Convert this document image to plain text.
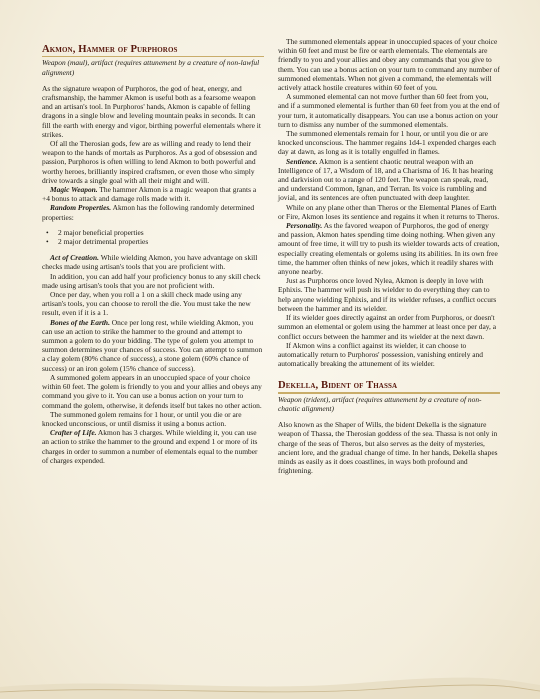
Akmon, Hammer of Purphoros

Weapon (maul), artifact (requires attunement by a creature of non-lawful alignment)

As the signature weapon of Purphoros, the god of heat, energy, and craftsmanship, the hammer Akmon is useful both as a fearsome weapon and an artisan's tool. In Purphoros' hands, Akmon is capable of felling dragons in a single blow and leveling mountain peaks in seconds. It can fill the earth with energy and vigor, birthing powerful elementals where it strikes.

Of all the Therosian gods, few are as willing and ready to lend their weapon to the hands of mortals as Purphoros. As a god of obsession and passion, Purphoros is often willing to lend Akmon to both powerful and worthy heroes, brilliantly inspired craftsmen, or even those who simply drive towards a single goal with all their might and will.

Magic Weapon. The hammer Akmon is a magic weapon that grants a +4 bonus to attack and damage rolls made with it.

Random Properties. Akmon has the following randomly determined properties:

• 2 major beneficial properties
• 2 major detrimental properties

Act of Creation. While wielding Akmon, you have advantage on skill checks made using artisan's tools that you are proficient with.

In addition, you can add half your proficiency bonus to any skill check made using artisan's tools that you are not proficient with.

Once per day, when you roll a 1 on a skill check made using any artisan's tools, you can choose to reroll the die. You must take the new result, even if it is a 1.

Bones of the Earth. Once per long rest, while wielding Akmon, you can use an action to strike the hammer to the ground and attempt to summon a golem to do your bidding. The type of golem you attempt to summon determines your chances of success. You can attempt to summon a clay golem (80% chance of success), a stone golem (60% chance of success) or an iron golem (15% chance of success).

A summoned golem appears in an unoccupied space of your choice within 60 feet. The golem is friendly to you and your allies and obeys any command you give to it. You can use a bonus action on your turn to command the golem, otherwise, it defends itself but takes no other action.

The summoned golem remains for 1 hour, or until you die or are knocked unconscious, or until dismiss it using a bonus action.

Crafter of Life. Akmon has 3 charges. While wielding it, you can use an action to strike the hammer to the ground and expend 1 or more of its charges in order to summon a number of elementals equal to the number of charges expended.

The summoned elementals appear in unoccupied spaces of your choice within 60 feet and must be fire or earth elementals. The elementals are friendly to you and your allies and obey any commands that you give to them. You can use a bonus action on your turn to command any number of summoned elementals. When not given a command, the elementals will actively attack hostile creatures within 60 feet of you.

A summoned elemental can not move further than 60 feet from you, and if a summoned elemental is further than 60 feet from you at the end of your turn, it automatically disappears. You can use a bonus action on your turn to dismiss any number of the summoned elementals.

The summoned elementals remain for 1 hour, or until you die or are knocked unconscious. The hammer regains 1d4-1 expended charges each day at dawn, as long as it is totally engulfed in flames.

Sentience. Akmon is a sentient chaotic neutral weapon with an Intelligence of 17, a Wisdom of 18, and a Charisma of 16. It has hearing and darkvision out to a range of 120 feet. The weapon can speak, read, and understand Common, Ignan, and Terran. Its voice is rumbling and jovial, and its sentences are often punctuated with deep laughter.

While on any plane other than Theros or the Elemental Planes of Earth or Fire, Akmon loses its sentience and regains it when it returns to Theros.

Personality. As the favored weapon of Purphoros, the god of energy and passion, Akmon hates spending time doing nothing. When given any amount of free time, it will try to push its wielder towards acts of creation, especially creating elementals or golems using its abilities. In its own free time, the hammer often thinks of new jokes, which it readily shares with anyone nearby.

Just as Purphoros once loved Nylea, Akmon is deeply in love with Ephixis. The hammer will push its wielder to do everything they can to help anyone wielding Ephixis, and if its wielder refuses, a conflict occurs between the hammer and its wielder.

If its wielder goes directly against an order from Purphoros, or doesn't summon an elemental or golem using the hammer at least once per day, a conflict occurs between the hammer and its wielder at the next dawn.

If Akmon wins a conflict against its wielder, it can choose to automatically return to Purphoros' possession, vanishing entirely and automatically breaking the attunement of its wielder.

Dekella, Bident of Thassa

Weapon (trident), artifact (requires attunement by a creature of non-chaotic alignment)

Also known as the Shaper of Wills, the bident Dekella is the signature weapon of Thassa, the Therosian goddess of the sea. Thassa is not only in charge of the seas of Theros, but also serves as the deity of mysteries, ancient lore, and the gradual change of time. In her hands, Dekella shapes minds as easily as it does coastlines, in ways both profound and frightening.
